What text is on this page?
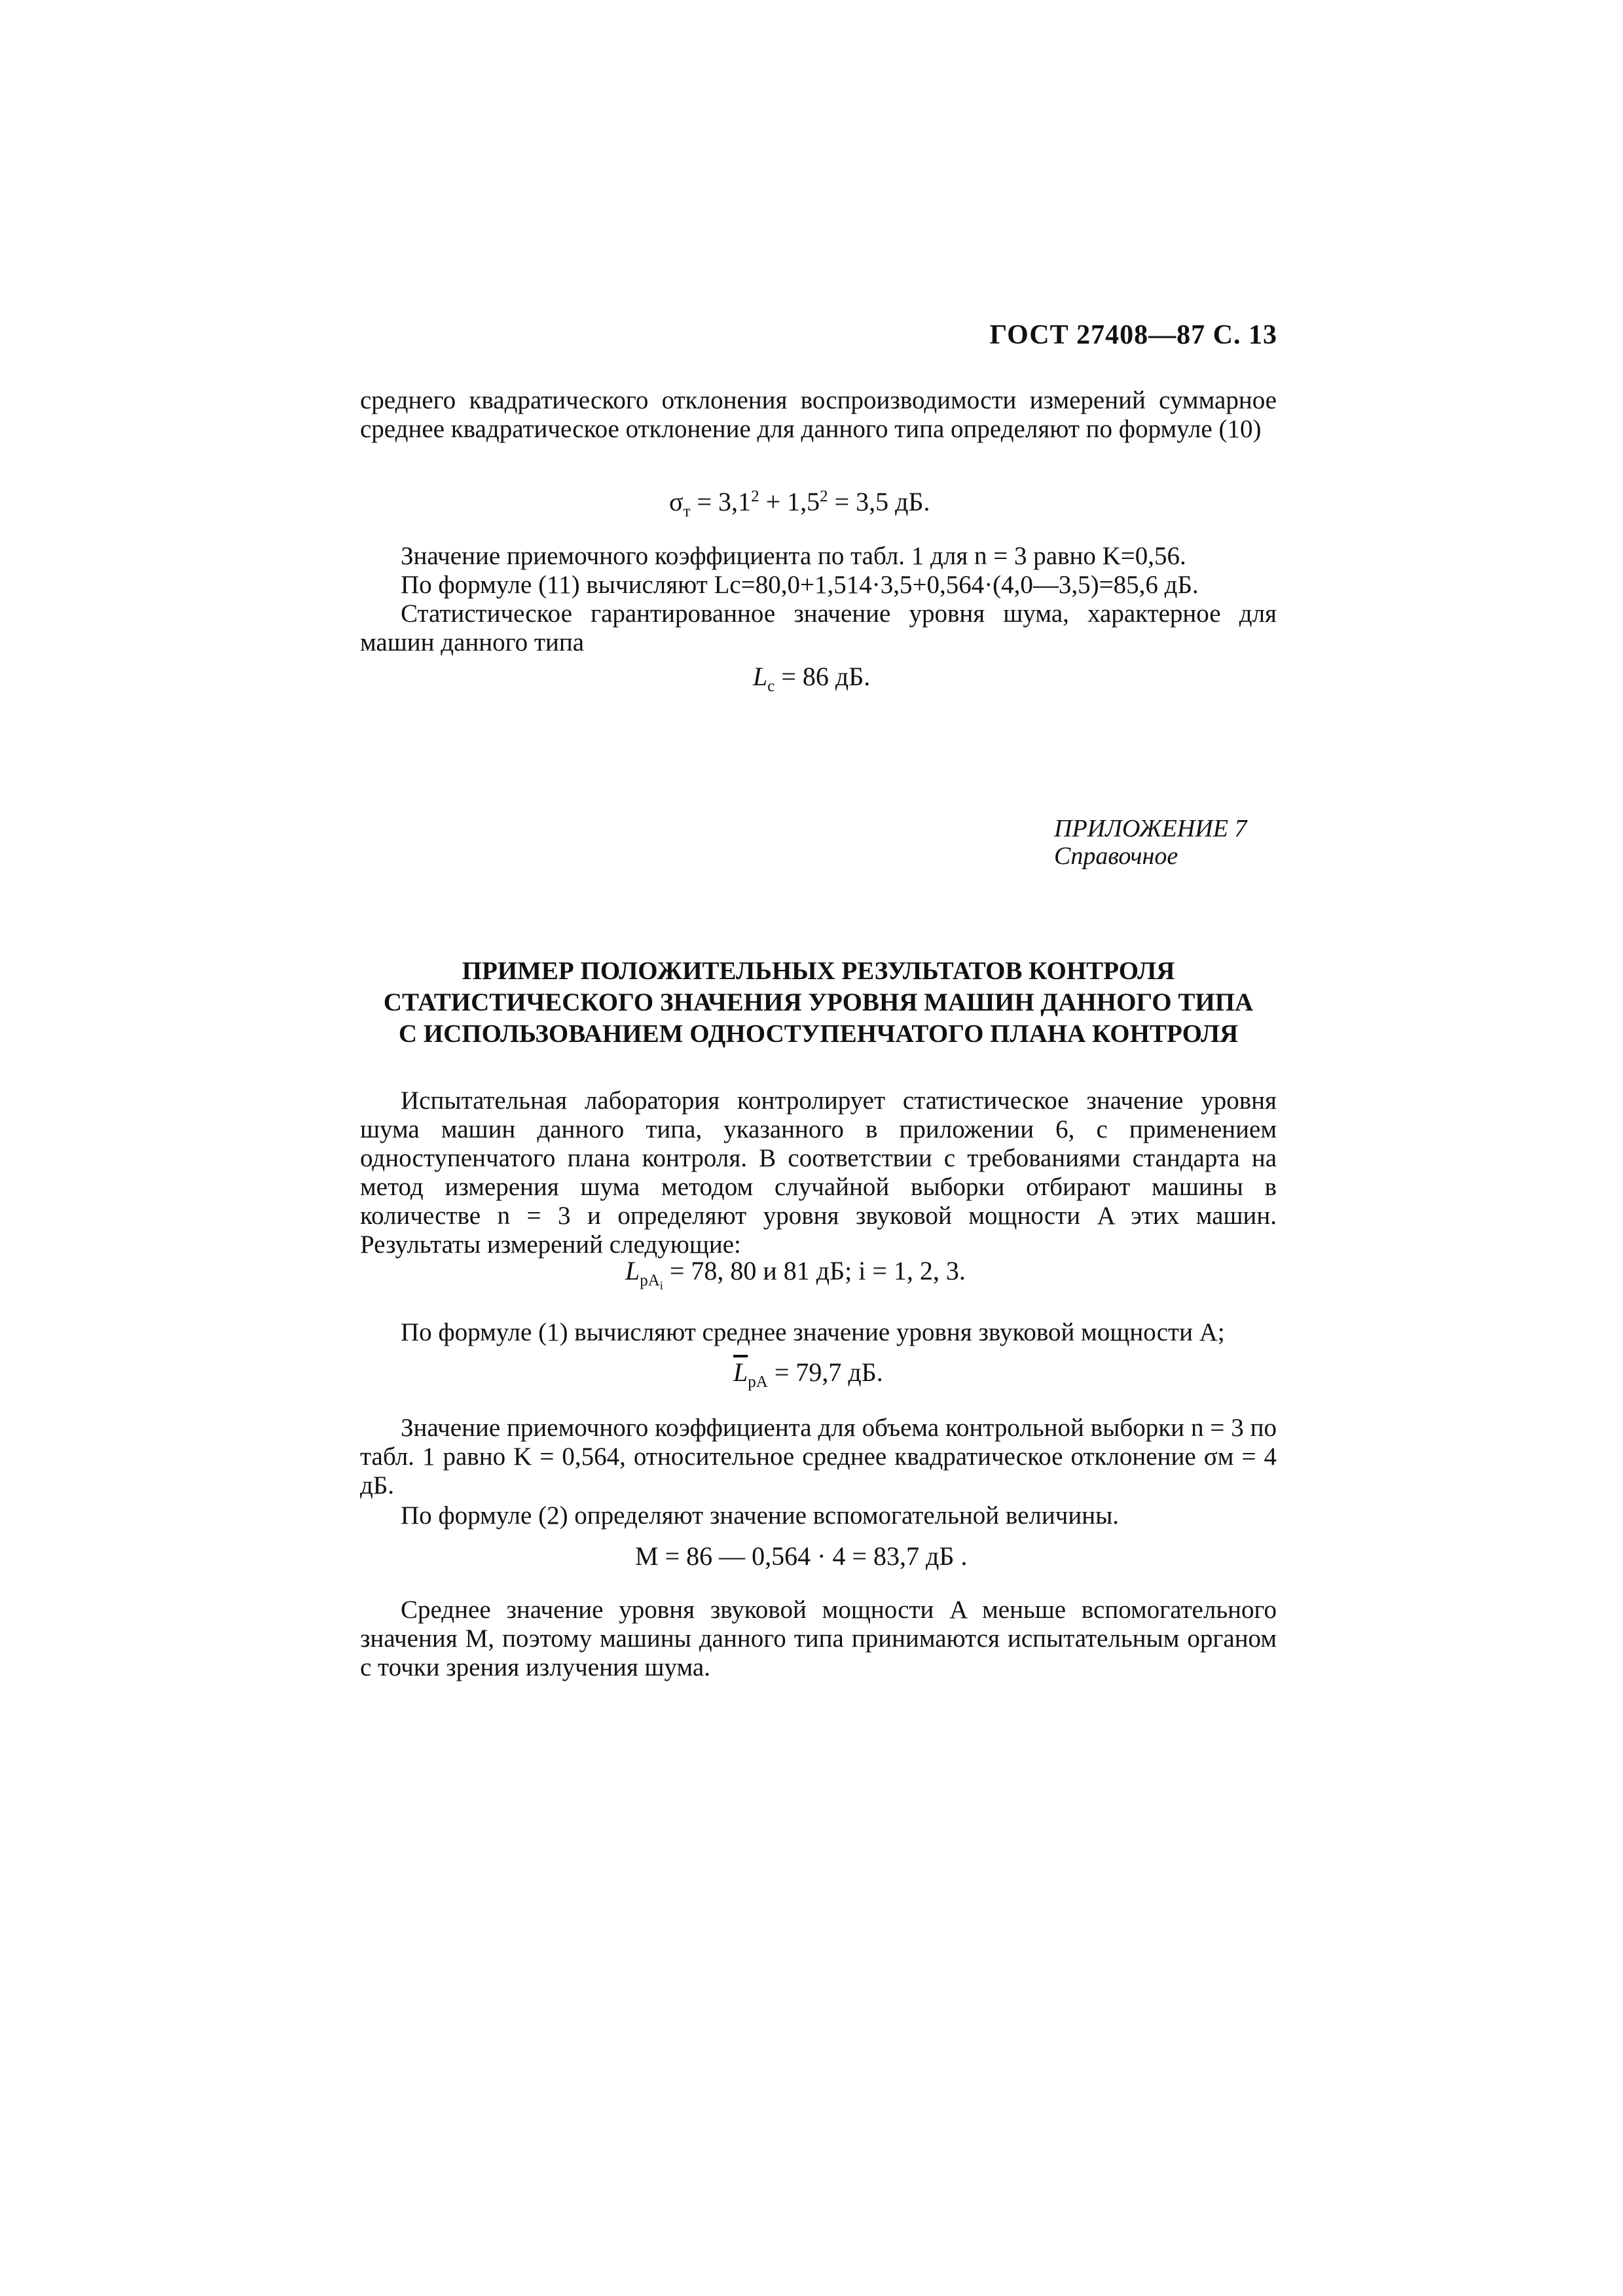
ГОСТ 27408—87 С. 13

среднего квадратического отклонения воспроизводимости измерений суммарное среднее квадратическое отклонение для данного типа определяют по формуле (10)

$\sigma_т = 3,1^2 + 1,5^2 = 3,5$ дБ.

Значение приемочного коэффициента по табл. 1 для n = 3 равно K=0,56.

По формуле (11) вычисляют Lc=80,0+1,514·3,5+0,564·(4,0—3,5)=85,6 дБ.

Статистическое гарантированное значение уровня шума, характерное для машин данного типа

$L_с = 86$ дБ.
ПРИЛОЖЕНИЕ 7
Справочное
ПРИМЕР ПОЛОЖИТЕЛЬНЫХ РЕЗУЛЬТАТОВ КОНТРОЛЯ
СТАТИСТИЧЕСКОГО ЗНАЧЕНИЯ УРОВНЯ МАШИН ДАННОГО ТИПА
С ИСПОЛЬЗОВАНИЕМ ОДНОСТУПЕНЧАТОГО ПЛАНА КОНТРОЛЯ

Испытательная лаборатория контролирует статистическое значение уровня шума машин данного типа, указанного в приложении 6, с применением одноступенчатого плана контроля. В соответствии с требованиями стандарта на метод измерения шума методом случайной выборки отбирают машины в количестве n = 3 и определяют уровня звуковой мощности A этих машин. Результаты измерений следующие:

$L_{pA_i} = 78$, 80 и 81 дБ; i = 1, 2, 3.

По формуле (1) вычисляют среднее значение уровня звуковой мощности A;

$\overline{L}_{pA} = 79,7$ дБ.

Значение приемочного коэффициента для объема контрольной выборки n = 3 по табл. 1 равно K = 0,564, относительное среднее квадратическое отклонение σм = 4 дБ.

По формуле (2) определяют значение вспомогательной величины.

M = 86 — 0,564 · 4 = 83,7 дБ .

Среднее значение уровня звуковой мощности A меньше вспомогательного значения M, поэтому машины данного типа принимаются испытательным органом с точки зрения излучения шума.
